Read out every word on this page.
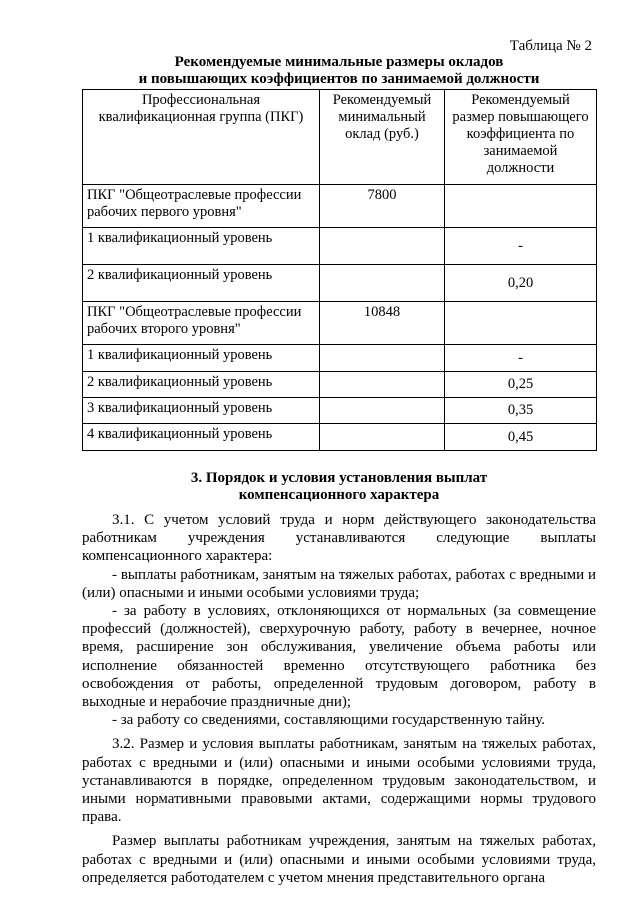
Таблица № 2
Рекомендуемые минимальные размеры окладов
и повышающих коэффициентов по занимаемой должности
Профессиональная квалификационная группа (ПКГ)	Рекомендуемый минимальный оклад (руб.)	Рекомендуемый размер повышающего коэффициента по занимаемой должности
ПКГ "Общеотраслевые профессии рабочих первого уровня"	7800	
1 квалификационный уровень		-
2 квалификационный уровень		0,20
ПКГ "Общеотраслевые профессии рабочих второго уровня"	10848	
1 квалификационный уровень		-
2 квалификационный уровень		0,25
3 квалификационный уровень		0,35
4 квалификационный уровень		0,45
3. Порядок и условия установления выплат
компенсационного характера

3.1. С учетом условий труда и норм действующего законодательства работникам учреждения устанавливаются следующие выплаты компенсационного характера:

- выплаты работникам, занятым на тяжелых работах, работах с вредными и (или) опасными и иными особыми условиями труда;

- за работу в условиях, отклоняющихся от нормальных (за совмещение профессий (должностей), сверхурочную работу, работу в вечернее, ночное время, расширение зон обслуживания, увеличение объема работы или исполнение обязанностей временно отсутствующего работника без освобождения от работы, определенной трудовым договором, работу в выходные и нерабочие праздничные дни);

- за работу со сведениями, составляющими государственную тайну.

3.2. Размер и условия выплаты работникам, занятым на тяжелых работах, работах с вредными и (или) опасными и иными особыми условиями труда, устанавливаются в порядке, определенном трудовым законодательством, и иными нормативными правовыми актами, содержащими нормы трудового права.

Размер выплаты работникам учреждения, занятым на тяжелых работах, работах с вредными и (или) опасными и иными особыми условиями труда, определяется работодателем с учетом мнения представительного органа
